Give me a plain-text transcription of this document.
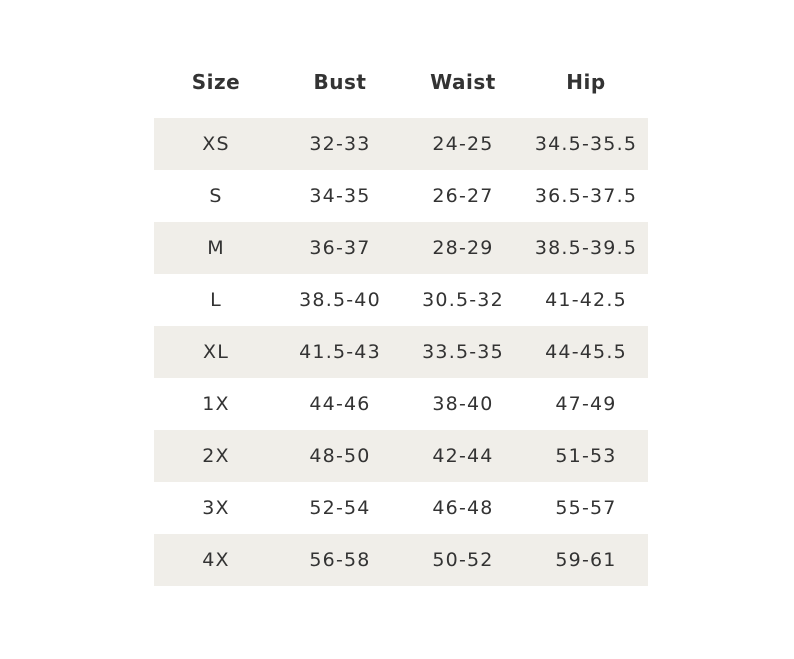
Size	Bust	Waist	Hip

XS	32-33	24-25	34.5-35.5
S	34-35	26-27	36.5-37.5
M	36-37	28-29	38.5-39.5
L	38.5-40	30.5-32	41-42.5
XL	41.5-43	33.5-35	44-45.5
1X	44-46	38-40	47-49
2X	48-50	42-44	51-53
3X	52-54	46-48	55-57
4X	56-58	50-52	59-61
